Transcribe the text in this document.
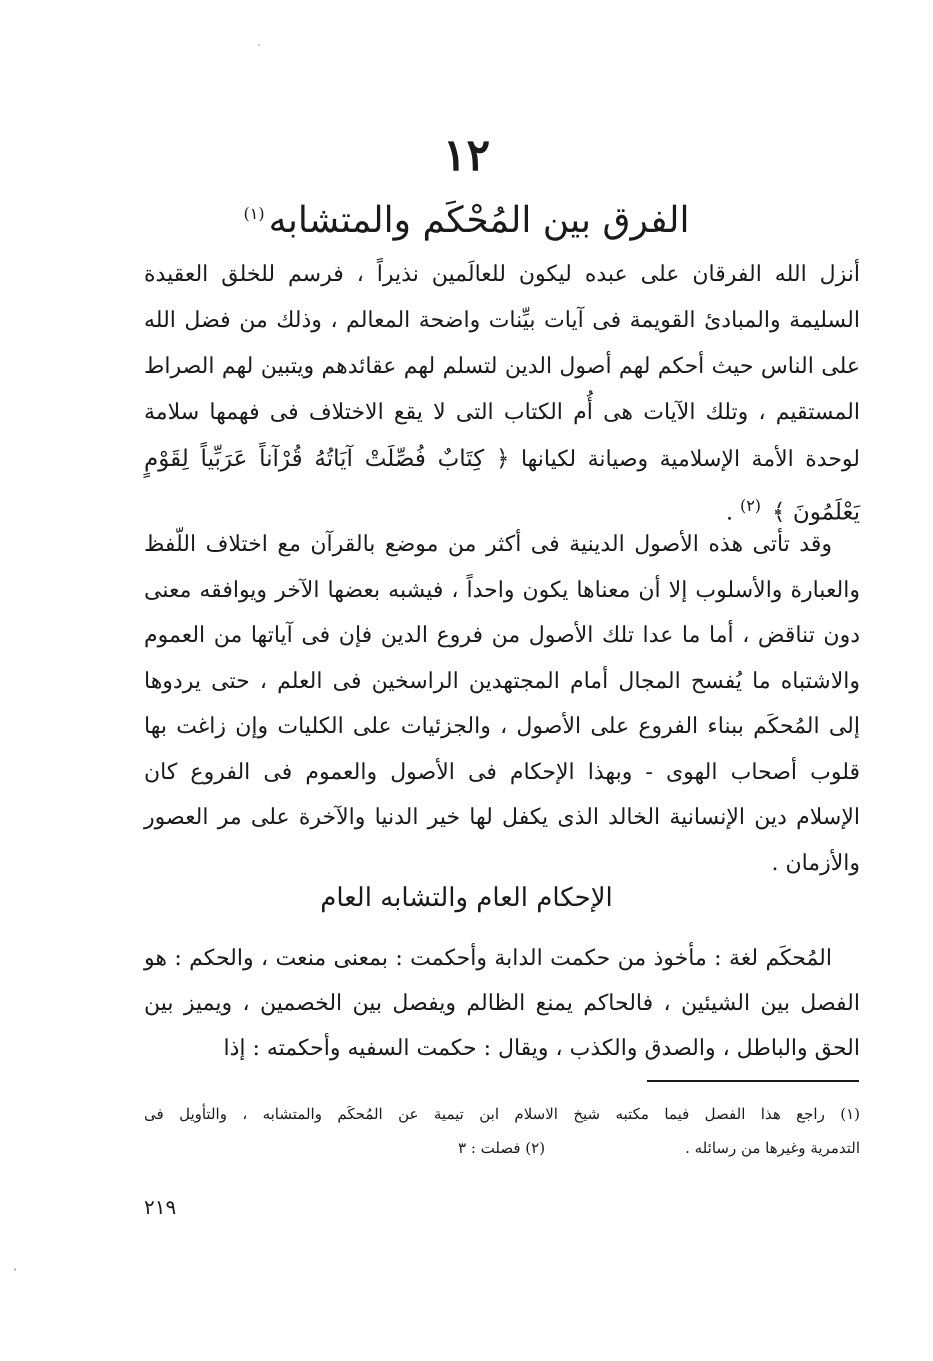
١٢
الفرق بين المُحْكَم والمتشابه$^{(١)}$
أنزل الله الفرقان على عبده ليكون للعالَمين نذيراً ، فرسم للخلق العقيدة السليمة والمبادئ القويمة فى آيات بيِّنات واضحة المعالم ، وذلك من فضل الله على الناس حيث أحكم لهم أصول الدين لتسلم لهم عقائدهم ويتبين لهم الصراط المستقيم ، وتلك الآيات هى أُم الكتاب التى لا يقع الاختلاف فى فهمها سلامة لوحدة الأمة الإسلامية وصيانة لكيانها ﴿ كِتَابٌ فُصِّلَتْ آيَاتُهُ قُرْآناً عَرَبِّياً لِقَوْمٍ يَعْلَمُونَ ﴾ $^{(٢)}$ .
وقد تأتى هذه الأصول الدينية فى أكثر من موضع بالقرآن مع اختلاف اللّفظ والعبارة والأسلوب إلا أن معناها يكون واحداً ، فيشبه بعضها الآخر ويوافقه معنى دون تناقض ، أما ما عدا تلك الأصول من فروع الدين فإن فى آياتها من العموم والاشتباه ما يُفسح المجال أمام المجتهدين الراسخين فى العلم ، حتى يردوها إلى المُحكَم ببناء الفروع على الأصول ، والجزئيات على الكليات وإن زاغت بها قلوب أصحاب الهوى - وبهذا الإحكام فى الأصول والعموم فى الفروع كان الإسلام دين الإنسانية الخالد الذى يكفل لها خير الدنيا والآخرة على مر العصور والأزمان .
الإحكام العام والتشابه العام
المُحكَم لغة : مأخوذ من حكمت الدابة وأحكمت : بمعنى منعت ، والحكم : هو الفصل بين الشيئين ، فالحاكم يمنع الظالم ويفصل بين الخصمين ، ويميز بين الحق والباطل ، والصدق والكذب ، ويقال : حكمت السفيه وأحكمته : إذا
(١) راجع هذا الفصل فيما مكتبه شيخ الاسلام ابن تيمية عن المُحكَم والمتشابه ، والتأويل فى
التدمرية وغيرها من رسائله .
(٢) فصلت : ٣
٢١٩
